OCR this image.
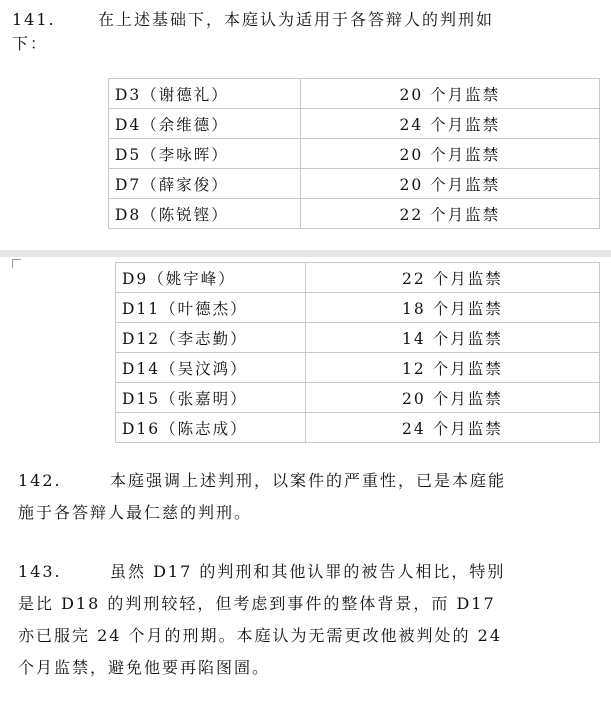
141.	在上述基础下，本庭认为适用于各答辩人的判刑如
下：
D3（谢德礼）	20 个月监禁
D4（余维德）	24 个月监禁
D5（李咏晖）	20 个月监禁
D7（薛家俊）	20 个月监禁
D8（陈锐铿）	22 个月监禁
D9（姚宇峰）	22 个月监禁
D11（叶德杰）	18 个月监禁
D12（李志勤）	14 个月监禁
D14（吴汶鸿）	12 个月监禁
D15（张嘉明）	20 个月监禁
D16（陈志成）	24 个月监禁
142.	本庭强调上述判刑，以案件的严重性，已是本庭能
施于各答辩人最仁慈的判刑。
143.	虽然 D17 的判刑和其他认罪的被告人相比，特别
是比 D18 的判刑较轻，但考虑到事件的整体背景，而 D17
亦已服完 24 个月的刑期。本庭认为无需更改他被判处的 24
个月监禁，避免他要再陷图圄。
